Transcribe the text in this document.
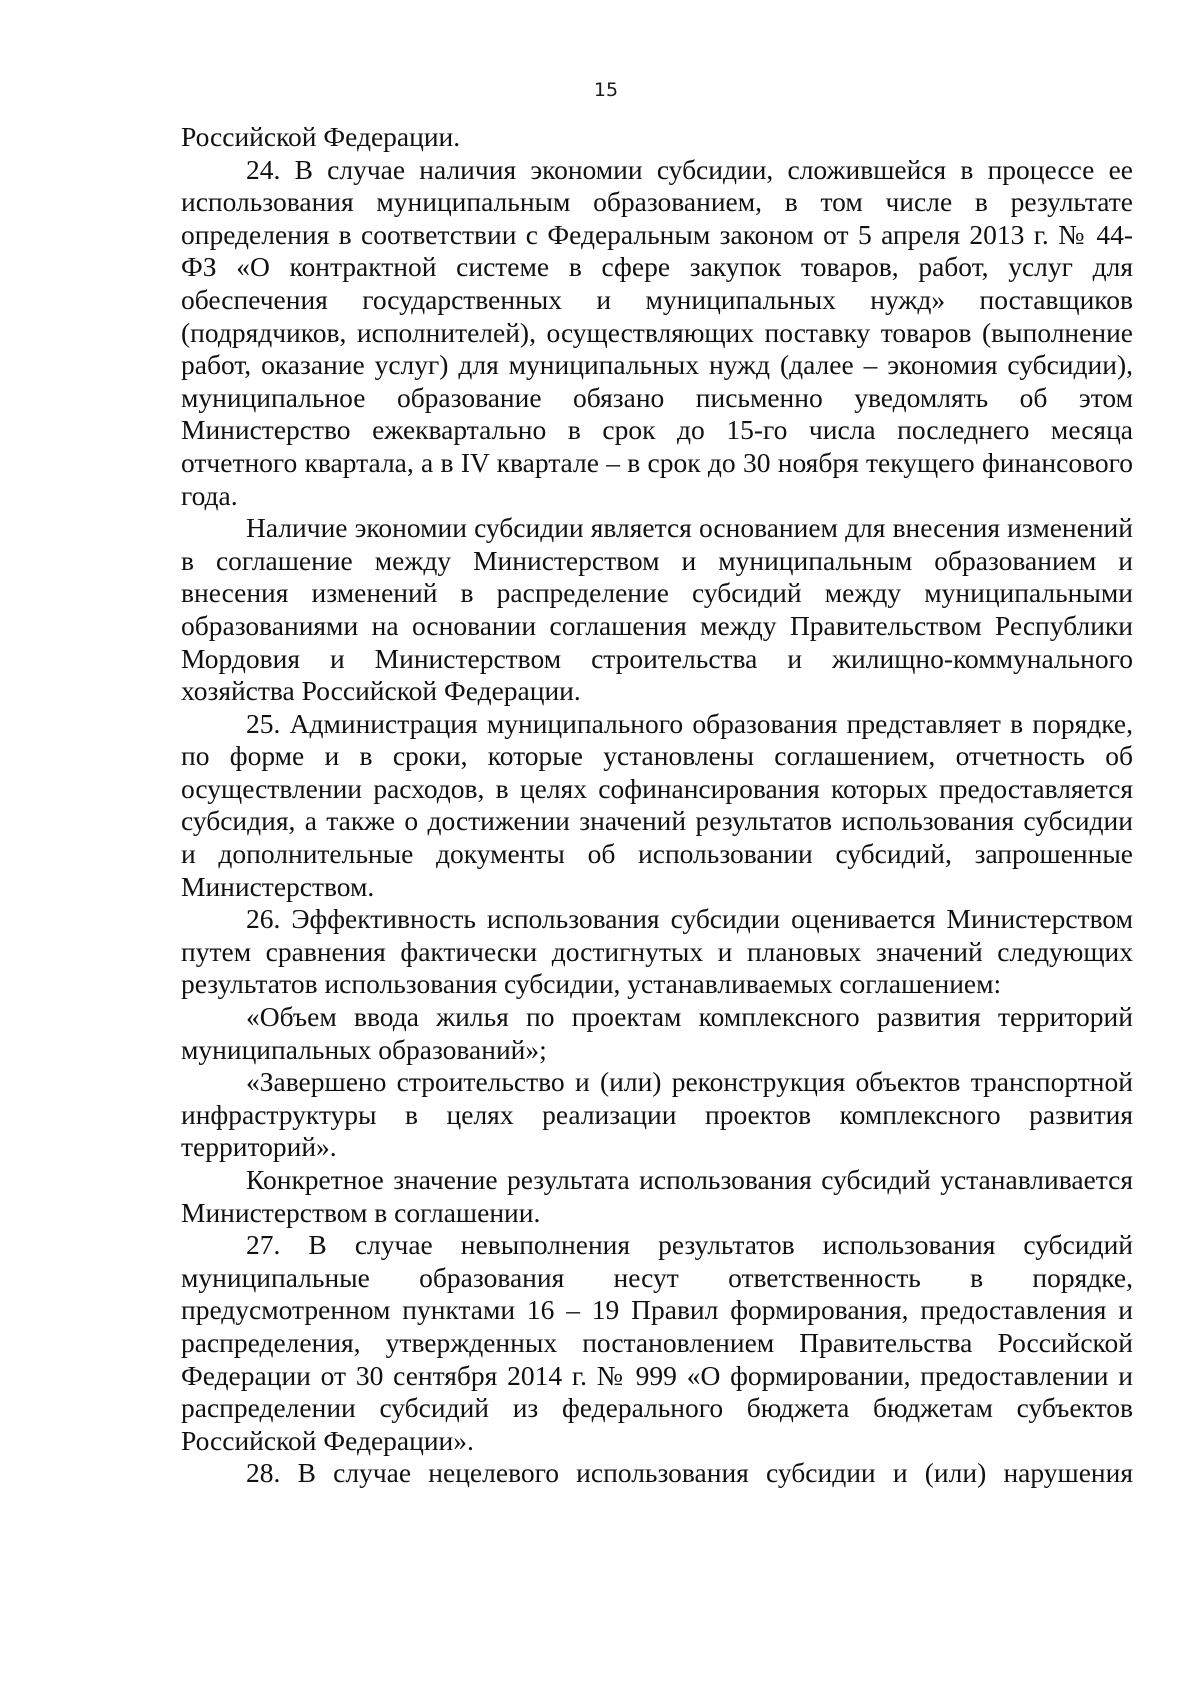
15

Российской Федерации.

24. В случае наличия экономии субсидии, сложившейся в процессе ее использования муниципальным образованием, в том числе в результате определения в соответствии с Федеральным законом от 5 апреля 2013 г. № 44-ФЗ «О контрактной системе в сфере закупок товаров, работ, услуг для обеспечения государственных и муниципальных нужд» поставщиков (подрядчиков, исполнителей), осуществляющих поставку товаров (выполнение работ, оказание услуг) для муниципальных нужд (далее – экономия субсидии), муниципальное образование обязано письменно уведомлять об этом Министерство ежеквартально в срок до 15-го числа последнего месяца отчетного квартала, а в IV квартале – в срок до 30 ноября текущего финансового года.

Наличие экономии субсидии является основанием для внесения изменений в соглашение между Министерством и муниципальным образованием и внесения изменений в распределение субсидий между муниципальными образованиями на основании соглашения между Правительством Республики Мордовия и Министерством строительства и жилищно-коммунального хозяйства Российской Федерации.

25. Администрация муниципального образования представляет в порядке, по форме и в сроки, которые установлены соглашением, отчетность об осуществлении расходов, в целях софинансирования которых предоставляется субсидия, а также о достижении значений результатов использования субсидии и дополнительные документы об использовании субсидий, запрошенные Министерством.

26. Эффективность использования субсидии оценивается Министерством путем сравнения фактически достигнутых и плановых значений следующих результатов использования субсидии, устанавливаемых соглашением:

«Объем ввода жилья по проектам комплексного развития территорий муниципальных образований»;

«Завершено строительство и (или) реконструкция объектов транспортной инфраструктуры в целях реализации проектов комплексного развития территорий».

Конкретное значение результата использования субсидий устанавливается Министерством в соглашении.

27. В случае невыполнения результатов использования субсидий муниципальные образования несут ответственность в порядке, предусмотренном пунктами 16 – 19 Правил формирования, предоставления и распределения, утвержденных постановлением Правительства Российской Федерации от 30 сентября 2014 г. № 999 «О формировании, предоставлении и распределении субсидий из федерального бюджета бюджетам субъектов Российской Федерации».

28. В случае нецелевого использования субсидии и (или) нарушения
